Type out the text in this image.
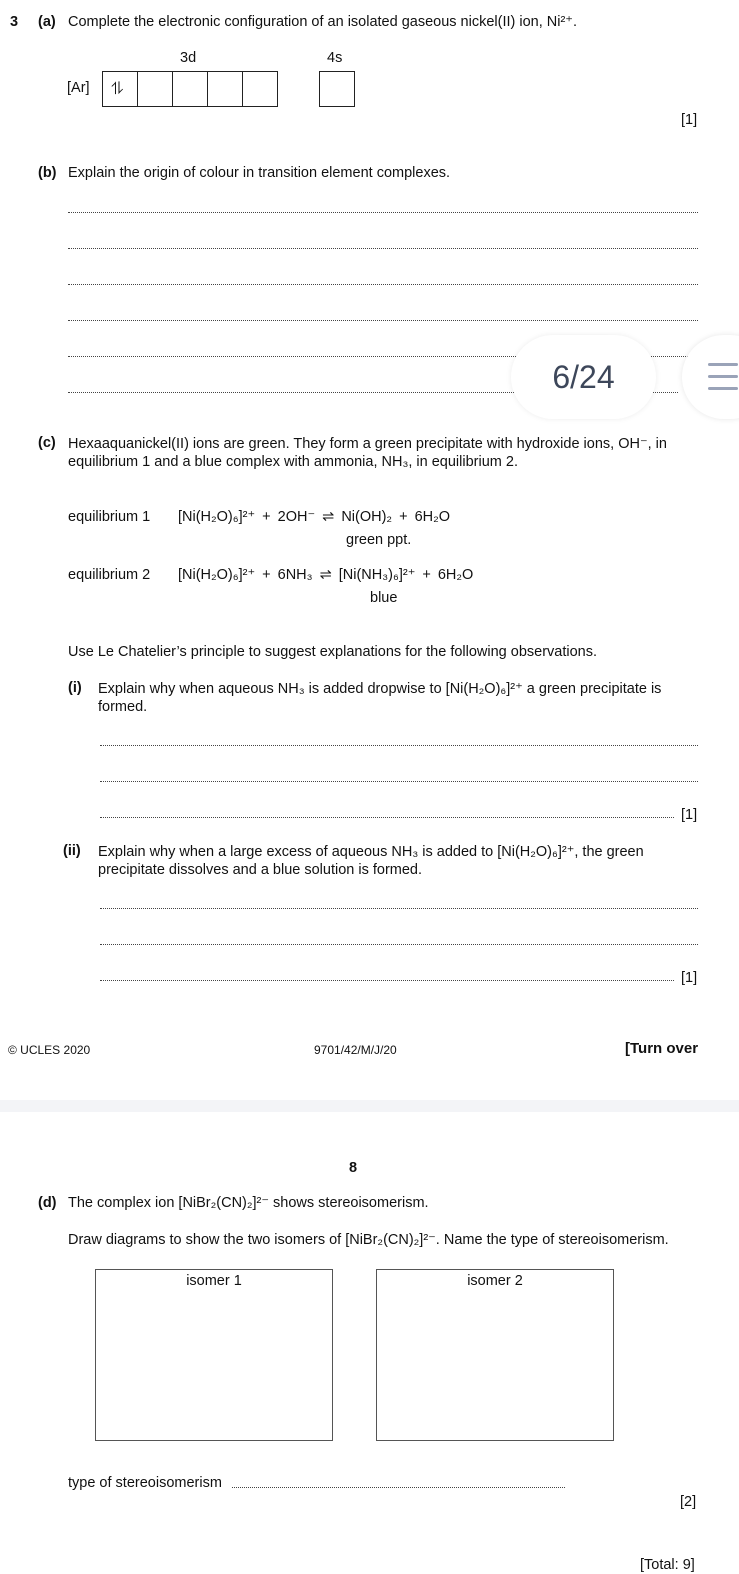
3 (a) Complete the electronic configuration of an isolated gaseous nickel(II) ion, Ni²⁺.
3d	4s
[Ar] ⥮
[1]
(b) Explain the origin of colour in transition element complexes.
(c) Hexaaquanickel(II) ions are green. They form a green precipitate with hydroxide ions, OH⁻, in equilibrium 1 and a blue complex with ammonia, NH₃, in equilibrium 2.
equilibrium 1 [Ni(H₂O)₆]²⁺ + 2OH⁻ ⇌ Ni(OH)₂ + 6H₂O
green ppt.
equilibrium 2 [Ni(H₂O)₆]²⁺ + 6NH₃ ⇌ [Ni(NH₃)₆]²⁺ + 6H₂O
blue
Use Le Chatelier’s principle to suggest explanations for the following observations.
(i) Explain why when aqueous NH₃ is added dropwise to [Ni(H₂O)₆]²⁺ a green precipitate is formed.
[1]
(ii) Explain why when a large excess of aqueous NH₃ is added to [Ni(H₂O)₆]²⁺, the green precipitate dissolves and a blue solution is formed.
[1]
© UCLES 2020	9701/42/M/J/20	[Turn over
8
(d) The complex ion [NiBr₂(CN)₂]²⁻ shows stereoisomerism.
Draw diagrams to show the two isomers of [NiBr₂(CN)₂]²⁻. Name the type of stereoisomerism.
isomer 1	isomer 2
type of stereoisomerism
[2]
[Total: 9]
6/24
